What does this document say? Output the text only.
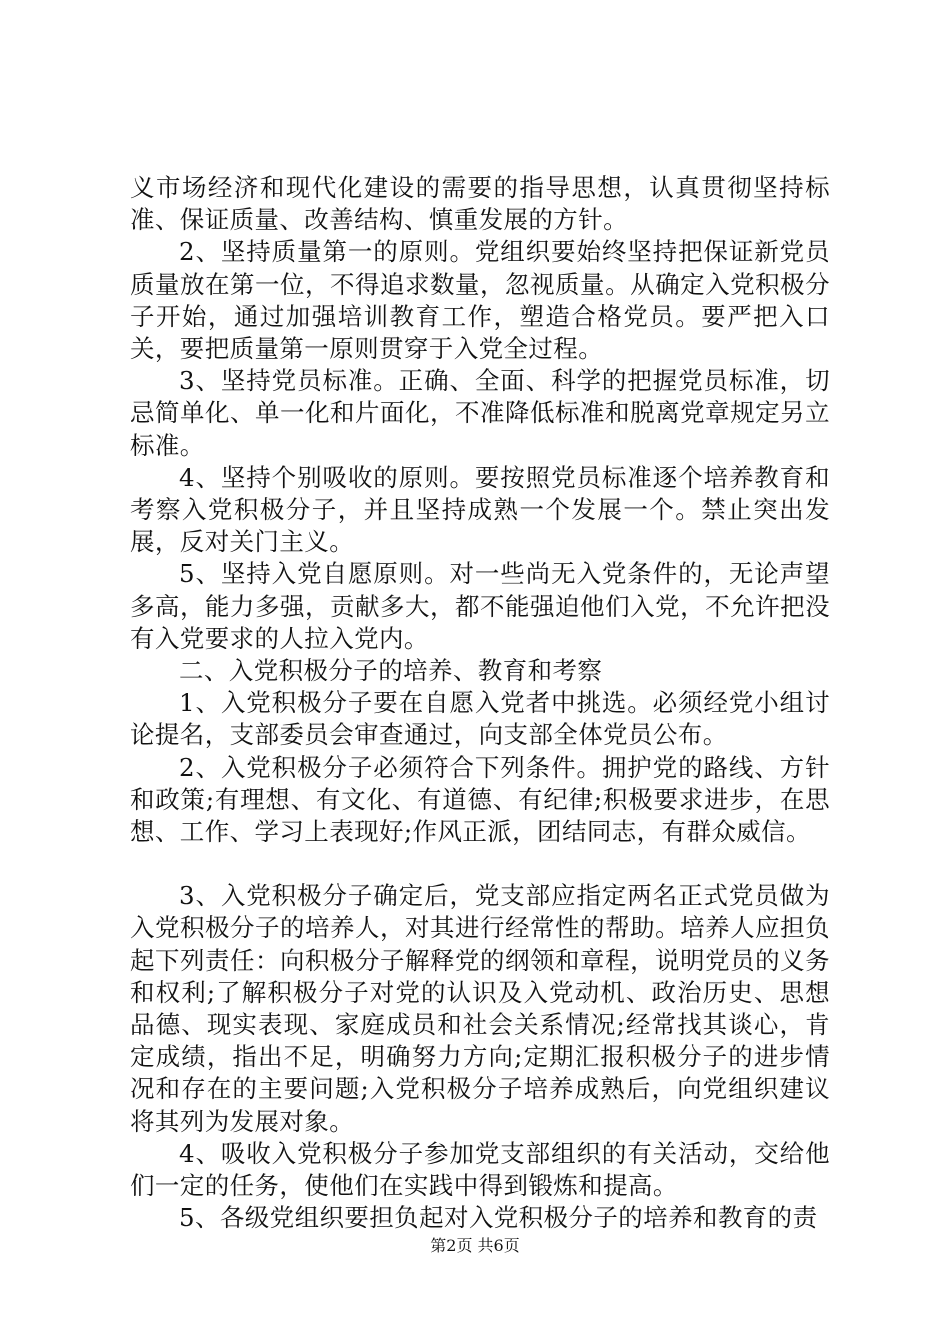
义市场经济和现代化建设的需要的指导思想，认真贯彻坚持标准、保证质量、改善结构、慎重发展的方针。

2、坚持质量第一的原则。党组织要始终坚持把保证新党员质量放在第一位，不得追求数量，忽视质量。从确定入党积极分子开始，通过加强培训教育工作，塑造合格党员。要严把入口关，要把质量第一原则贯穿于入党全过程。

3、坚持党员标准。正确、全面、科学的把握党员标准，切忌简单化、单一化和片面化，不准降低标准和脱离党章规定另立标准。

4、坚持个别吸收的原则。要按照党员标准逐个培养教育和考察入党积极分子，并且坚持成熟一个发展一个。禁止突出发展，反对关门主义。

5、坚持入党自愿原则。对一些尚无入党条件的，无论声望多高，能力多强，贡献多大，都不能强迫他们入党，不允许把没有入党要求的人拉入党内。

二、入党积极分子的培养、教育和考察

1、入党积极分子要在自愿入党者中挑选。必须经党小组讨论提名，支部委员会审查通过，向支部全体党员公布。

2、入党积极分子必须符合下列条件。拥护党的路线、方针和政策;有理想、有文化、有道德、有纪律;积极要求进步，在思想、工作、学习上表现好;作风正派，团结同志，有群众威信。

3、入党积极分子确定后，党支部应指定两名正式党员做为入党积极分子的培养人，对其进行经常性的帮助。培养人应担负起下列责任：向积极分子解释党的纲领和章程，说明党员的义务和权利;了解积极分子对党的认识及入党动机、政治历史、思想品德、现实表现、家庭成员和社会关系情况;经常找其谈心，肯定成绩，指出不足，明确努力方向;定期汇报积极分子的进步情况和存在的主要问题;入党积极分子培养成熟后，向党组织建议将其列为发展对象。

4、吸收入党积极分子参加党支部组织的有关活动，交给他们一定的任务，使他们在实践中得到锻炼和提高。

5、各级党组织要担负起对入党积极分子的培养和教育的责

第2页 共6页
